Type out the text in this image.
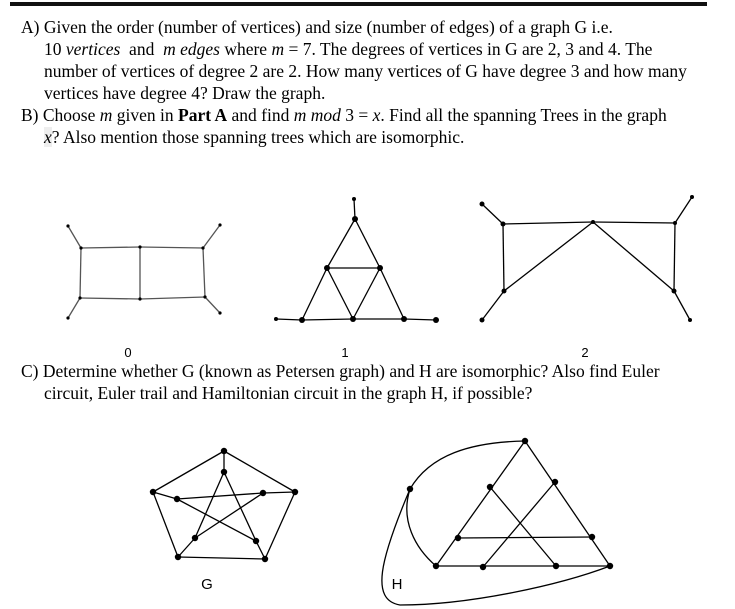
A) Given the order (number of vertices) and size (number of edges) of a graph G i.e.
10 vertices  and  m edges where m = 7. The degrees of vertices in G are 2, 3 and 4. The
number of vertices of degree 2 are 2. How many vertices of G have degree 3 and how many
vertices have degree 4? Draw the graph.
B) Choose m given in Part A and find m mod 3 = x. Find all the spanning Trees in the graph
x? Also mention those spanning trees which are isomorphic.
C) Determine whether G (known as Petersen graph) and H are isomorphic? Also find Euler
circuit, Euler trail and Hamiltonian circuit in the graph H, if possible?
0	1	2
G	H
